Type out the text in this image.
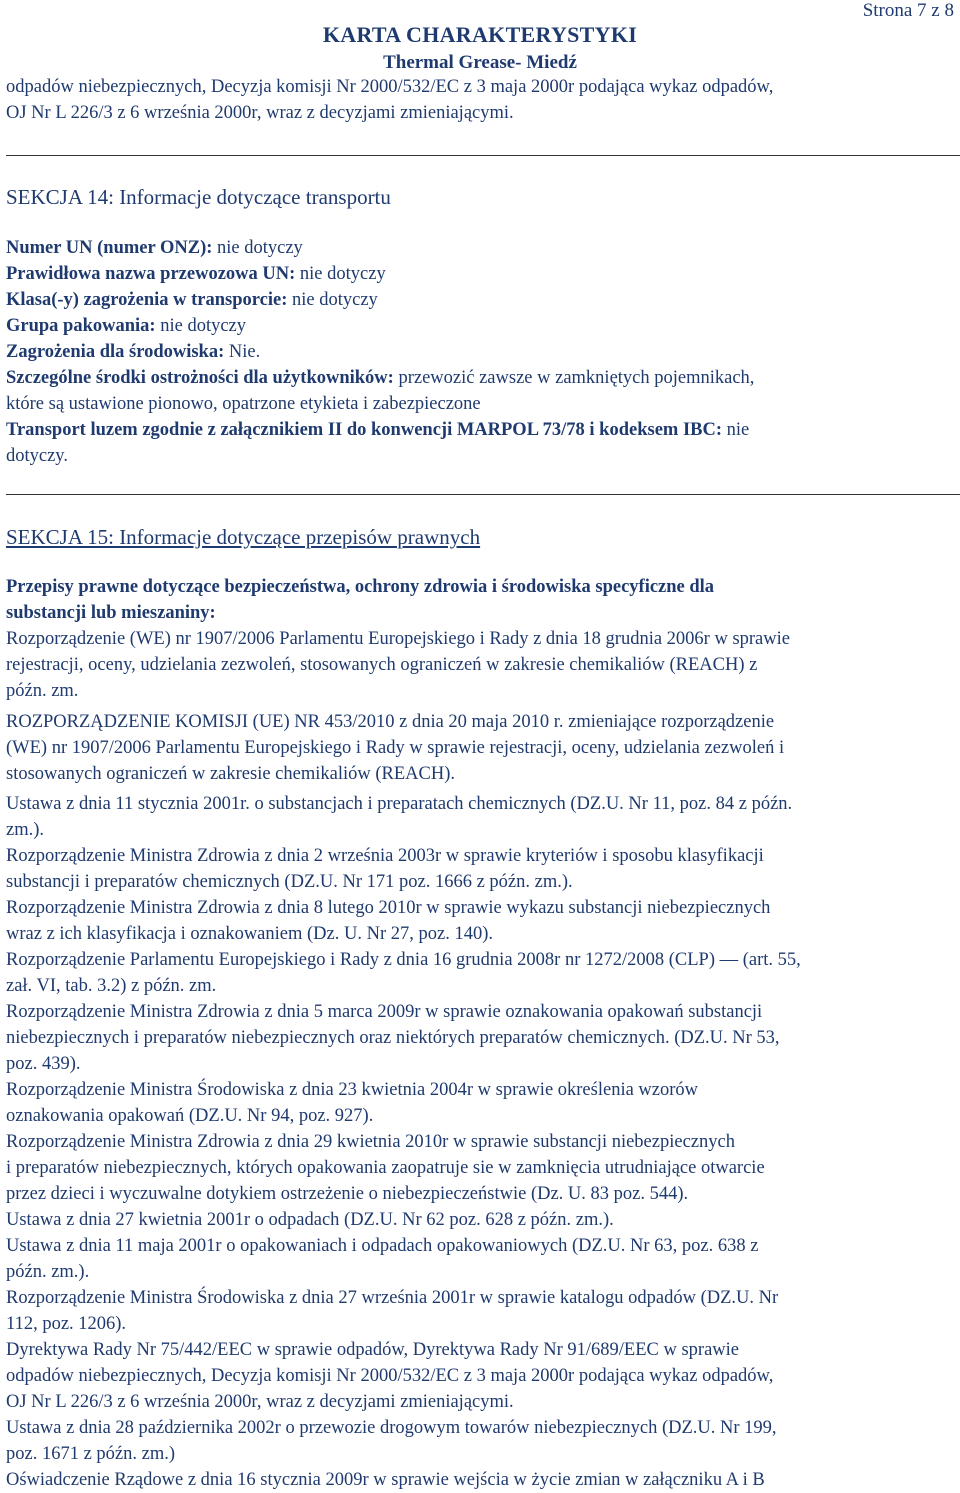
Strona 7 z 8
KARTA CHARAKTERYSTYKI
Thermal Grease- Miedź
odpadów niebezpiecznych, Decyzja komisji Nr 2000/532/EC z 3 maja 2000r podająca wykaz odpadów,
OJ Nr L 226/3 z 6 września 2000r, wraz z decyzjami zmieniającymi.
SEKCJA 14: Informacje dotyczące transportu
Numer UN (numer ONZ): nie dotyczy
Prawidłowa nazwa przewozowa UN: nie dotyczy
Klasa(-y) zagrożenia w transporcie: nie dotyczy
Grupa pakowania: nie dotyczy
Zagrożenia dla środowiska: Nie.
Szczególne środki ostrożności dla użytkowników: przewozić zawsze w zamkniętych pojemnikach,
które są ustawione pionowo, opatrzone etykieta i zabezpieczone
Transport luzem zgodnie z załącznikiem II do konwencji MARPOL 73/78 i kodeksem IBC: nie
dotyczy.
SEKCJA 15: Informacje dotyczące przepisów prawnych
Przepisy prawne dotyczące bezpieczeństwa, ochrony zdrowia i środowiska specyficzne dla
substancji lub mieszaniny:
Rozporządzenie (WE) nr 1907/2006 Parlamentu Europejskiego i Rady z dnia 18 grudnia 2006r w sprawie
rejestracji, oceny, udzielania zezwoleń, stosowanych ograniczeń w zakresie chemikaliów (REACH) z
późn. zm.
ROZPORZĄDZENIE KOMISJI (UE) NR 453/2010 z dnia 20 maja 2010 r. zmieniające rozporządzenie
(WE) nr 1907/2006 Parlamentu Europejskiego i Rady w sprawie rejestracji, oceny, udzielania zezwoleń i
stosowanych ograniczeń w zakresie chemikaliów (REACH).
Ustawa z dnia 11 stycznia 2001r. o substancjach i preparatach chemicznych (DZ.U. Nr 11, poz. 84 z późn.
zm.).
Rozporządzenie Ministra Zdrowia z dnia 2 września 2003r w sprawie kryteriów i sposobu klasyfikacji
substancji i preparatów chemicznych (DZ.U. Nr 171 poz. 1666 z późn. zm.).
Rozporządzenie Ministra Zdrowia z dnia 8 lutego 2010r w sprawie wykazu substancji niebezpiecznych
wraz z ich klasyfikacja i oznakowaniem (Dz. U. Nr 27, poz. 140).
Rozporządzenie Parlamentu Europejskiego i Rady z dnia 16 grudnia 2008r nr 1272/2008 (CLP) — (art. 55,
zał. VI, tab. 3.2) z późn. zm.
Rozporządzenie Ministra Zdrowia z dnia 5 marca 2009r w sprawie oznakowania opakowań substancji
niebezpiecznych i preparatów niebezpiecznych oraz niektórych preparatów chemicznych. (DZ.U. Nr 53,
poz. 439).
Rozporządzenie Ministra Środowiska z dnia 23 kwietnia 2004r w sprawie określenia wzorów
oznakowania opakowań (DZ.U. Nr 94, poz. 927).
Rozporządzenie Ministra Zdrowia z dnia 29 kwietnia 2010r w sprawie substancji niebezpiecznych
i preparatów niebezpiecznych, których opakowania zaopatruje sie w zamknięcia utrudniające otwarcie
przez dzieci i wyczuwalne dotykiem ostrzeżenie o niebezpieczeństwie (Dz. U. 83 poz. 544).
Ustawa z dnia 27 kwietnia 2001r o odpadach (DZ.U. Nr 62 poz. 628 z późn. zm.).
Ustawa z dnia 11 maja 2001r o opakowaniach i odpadach opakowaniowych (DZ.U. Nr 63, poz. 638 z
późn. zm.).
Rozporządzenie Ministra Środowiska z dnia 27 września 2001r w sprawie katalogu odpadów (DZ.U. Nr
112, poz. 1206).
Dyrektywa Rady Nr 75/442/EEC w sprawie odpadów, Dyrektywa Rady Nr 91/689/EEC w sprawie
odpadów niebezpiecznych, Decyzja komisji Nr 2000/532/EC z 3 maja 2000r podająca wykaz odpadów,
OJ Nr L 226/3 z 6 września 2000r, wraz z decyzjami zmieniającymi.
Ustawa z dnia 28 października 2002r o przewozie drogowym towarów niebezpiecznych (DZ.U. Nr 199,
poz. 1671 z późn. zm.)
Oświadczenie Rządowe z dnia 16 stycznia 2009r w sprawie wejścia w życie zmian w załączniku A i B
